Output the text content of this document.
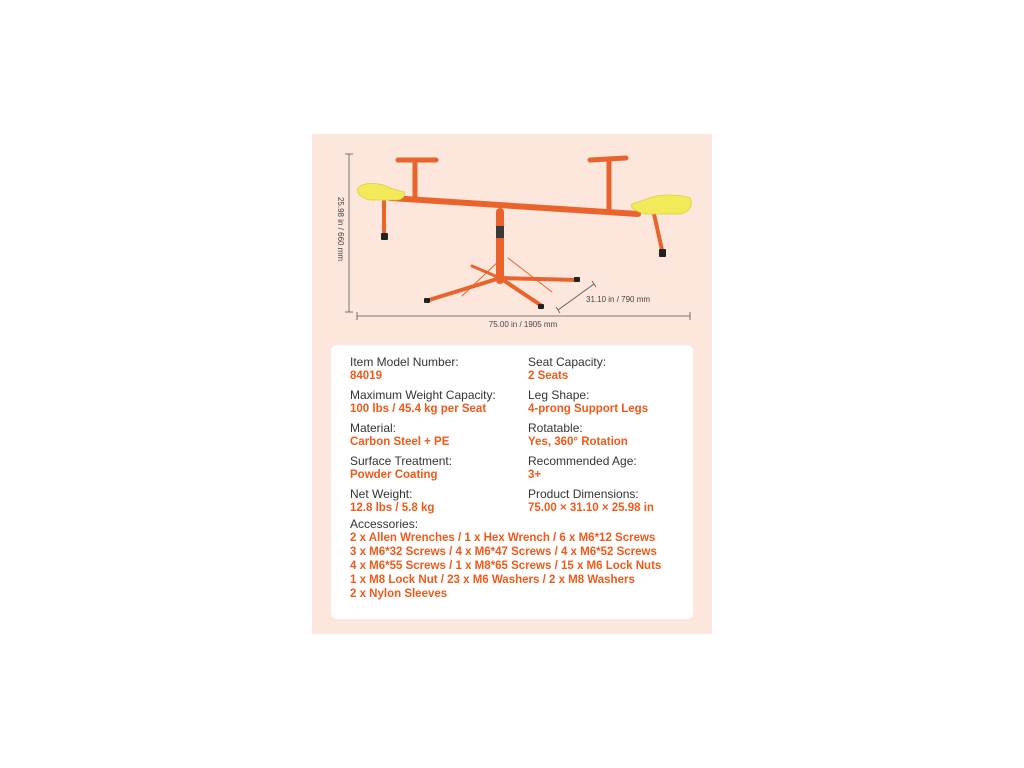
25.98 in / 660 mm
75.00 in / 1905 mm
31.10 in / 790 mm
Item Model Number:
84019
Seat Capacity:
2 Seats
Maximum Weight Capacity:
100 lbs / 45.4 kg per Seat
Leg Shape:
4-prong Support Legs
Material:
Carbon Steel + PE
Rotatable:
Yes, 360° Rotation
Surface Treatment:
Powder Coating
Recommended Age:
3+
Net Weight:
12.8 lbs / 5.8 kg
Product Dimensions:
75.00 × 31.10 × 25.98 in
Accessories:
2 x Allen Wrenches / 1 x Hex Wrench / 6 x M6*12 Screws
3 x M6*32 Screws / 4 x M6*47 Screws / 4 x M6*52 Screws
4 x M6*55 Screws / 1 x M8*65 Screws / 15 x M6 Lock Nuts
1 x M8 Lock Nut / 23 x M6 Washers / 2 x M8 Washers
2 x Nylon Sleeves
